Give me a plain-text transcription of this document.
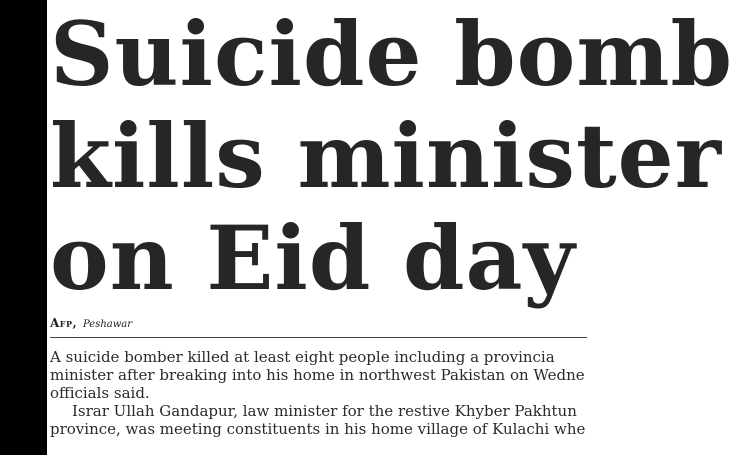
Suicide bomb
kills minister
on Eid day
Afp, Peshawar
A suicide bomber killed at least eight people including a provincia
minister after breaking into his home in northwest Pakistan on Wedne
officials said.
Israr Ullah Gandapur, law minister for the restive Khyber Pakhtun
province, was meeting constituents in his home village of Kulachi whe
